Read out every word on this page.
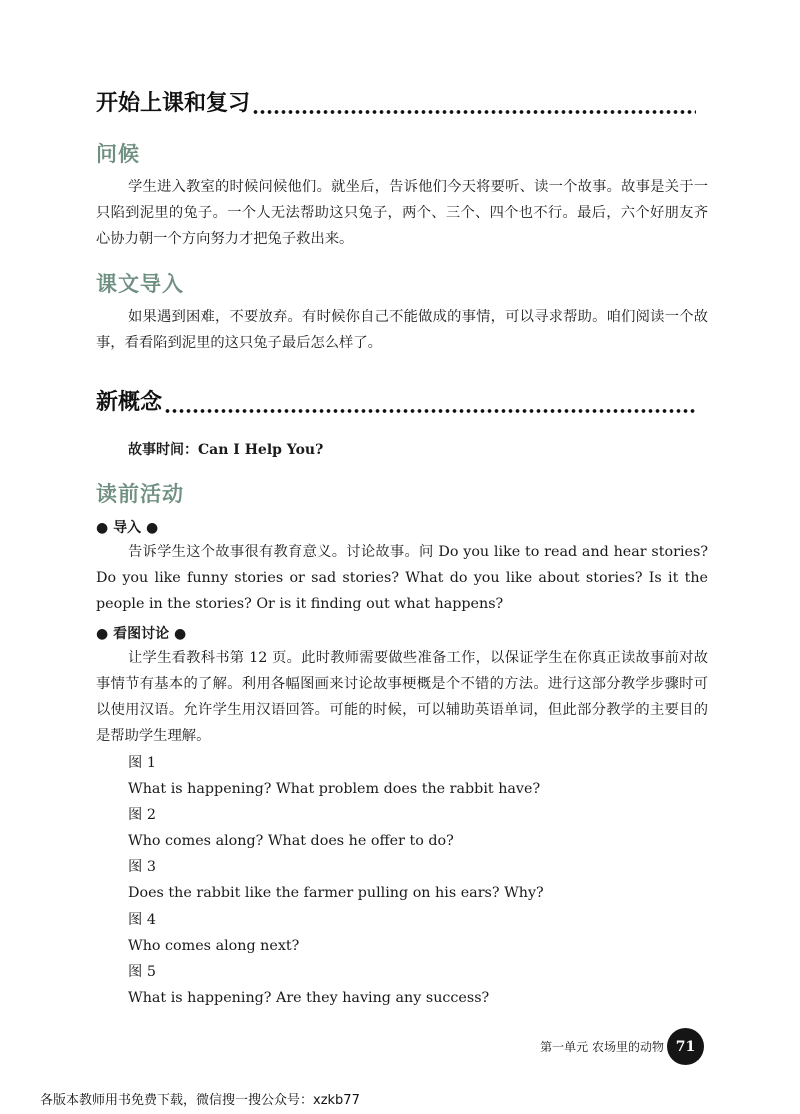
开始上课和复习
问候
学生进入教室的时候问候他们。就坐后，告诉他们今天将要听、读一个故事。故事是关于一只陷到泥里的兔子。一个人无法帮助这只兔子，两个、三个、四个也不行。最后，六个好朋友齐心协力朝一个方向努力才把兔子救出来。
课文导入
如果遇到困难，不要放弃。有时候你自己不能做成的事情，可以寻求帮助。咱们阅读一个故事，看看陷到泥里的这只兔子最后怎么样了。
新概念
故事时间：Can I Help You?
读前活动
● 导入 ●
告诉学生这个故事很有教育意义。讨论故事。问 Do you like to read and hear stories? Do you like funny stories or sad stories? What do you like about stories? Is it the people in the stories? Or is it finding out what happens?
● 看图讨论 ●
让学生看教科书第 12 页。此时教师需要做些准备工作，以保证学生在你真正读故事前对故事情节有基本的了解。利用各幅图画来讨论故事梗概是个不错的方法。进行这部分教学步骤时可以使用汉语。允许学生用汉语回答。可能的时候，可以辅助英语单词，但此部分教学的主要目的是帮助学生理解。
图 1
What is happening? What problem does the rabbit have?
图 2
Who comes along? What does he offer to do?
图 3
Does the rabbit like the farmer pulling on his ears? Why?
图 4
Who comes along next?
图 5
What is happening? Are they having any success?
第一单元 农场里的动物 71
各版本教师用书免费下载，微信搜一搜公众号：xzkb77
